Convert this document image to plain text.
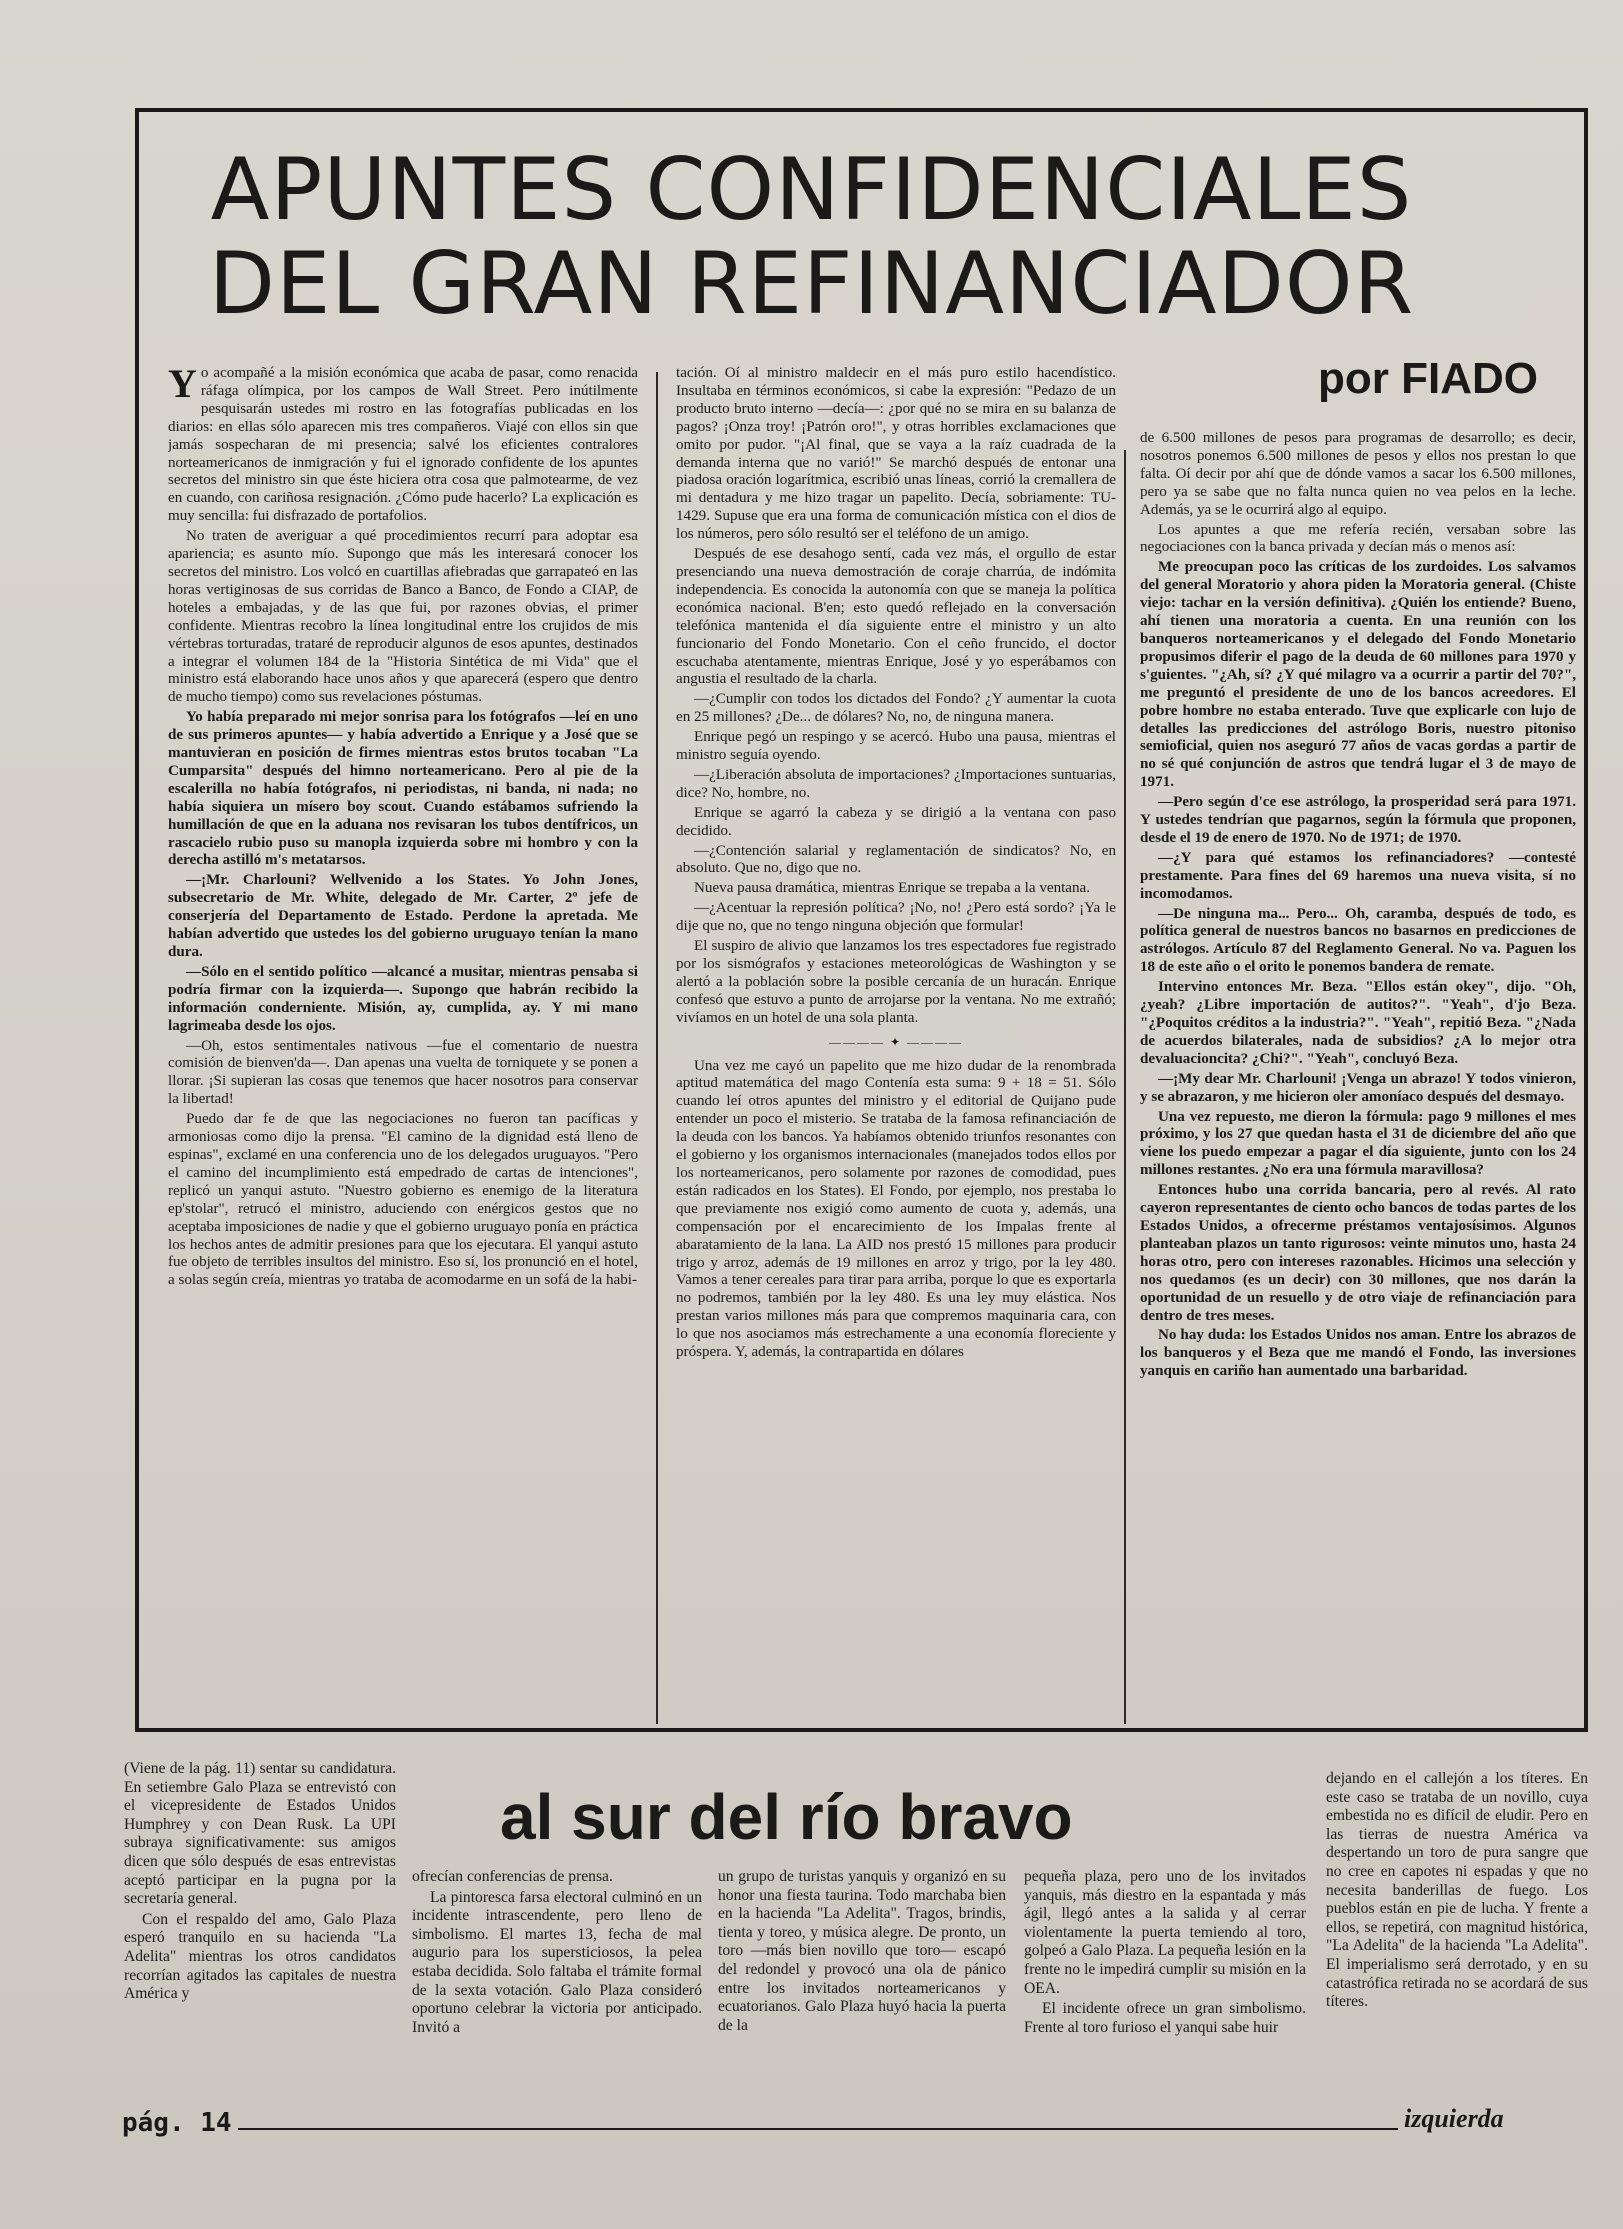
APUNTES CONFIDENCIALES
DEL GRAN REFINANCIADOR
por FIADO

Yo acompañé a la misión económica que acaba de pasar, como renacida ráfaga olímpica, por los campos de Wall Street. Pero inútilmente pesquisarán ustedes mi rostro en las fotografías publicadas en los diarios: en ellas sólo aparecen mis tres compañeros. Viajé con ellos sin que jamás sospecharan de mi presencia; salvé los eficientes contralores norteamericanos de inmigración y fui el ignorado confidente de los apuntes secretos del ministro sin que éste hiciera otra cosa que palmotearme, de vez en cuando, con cariñosa resignación. ¿Cómo pude hacerlo? La explicación es muy sencilla: fui disfrazado de portafolios.

No traten de averiguar a qué procedimientos recurrí para adoptar esa apariencia; es asunto mío. Supongo que más les interesará conocer los secretos del ministro. Los volcó en cuartillas afiebradas que garrapateó en las horas vertiginosas de sus corridas de Banco a Banco, de Fondo a CIAP, de hoteles a embajadas, y de las que fui, por razones obvias, el primer confidente. Mientras recobro la línea longitudinal entre los crujidos de mis vértebras torturadas, trataré de reproducir algunos de esos apuntes, destinados a integrar el volumen 184 de la "Historia Sintética de mi Vida" que el ministro está elaborando hace unos años y que aparecerá (espero que dentro de mucho tiempo) como sus revelaciones póstumas.

Yo había preparado mi mejor sonrisa para los fotógrafos —leí en uno de sus primeros apuntes— y había advertido a Enrique y a José que se mantuvieran en posición de firmes mientras estos brutos tocaban "La Cumparsita" después del himno norteamericano. Pero al pie de la escalerilla no había fotógrafos, ni periodistas, ni banda, ni nada; no había siquiera un mísero boy scout. Cuando estábamos sufriendo la humillación de que en la aduana nos revisaran los tubos dentífricos, un rascacielo rubio puso su manopla izquierda sobre mi hombro y con la derecha astilló m's metatarsos.

—¡Mr. Charlouni? Wellvenido a los States. Yo John Jones, subsecretario de Mr. White, delegado de Mr. Carter, 2º jefe de conserjería del Departamento de Estado. Perdone la apretada. Me habían advertido que ustedes los del gobierno uruguayo tenían la mano dura.

—Sólo en el sentido político —alcancé a musitar, mientras pensaba si podría firmar con la izquierda—. Supongo que habrán recibido la información conderniente. Misión, ay, cumplida, ay. Y mi mano lagrimeaba desde los ojos.

—Oh, estos sentimentales nativous —fue el comentario de nuestra comisión de bienven'da—. Dan apenas una vuelta de torniquete y se ponen a llorar. ¡Si supieran las cosas que tenemos que hacer nosotros para conservar la libertad!

Puedo dar fe de que las negociaciones no fueron tan pacíficas y armoniosas como dijo la prensa. "El camino de la dignidad está lleno de espinas", exclamé en una conferencia uno de los delegados uruguayos. "Pero el camino del incumplimiento está empedrado de cartas de intenciones", replicó un yanqui astuto. "Nuestro gobierno es enemigo de la literatura ep'stolar", retrucó el ministro, aduciendo con enérgicos gestos que no aceptaba imposiciones de nadie y que el gobierno uruguayo ponía en práctica los hechos antes de admitir presiones para que los ejecutara. El yanqui astuto fue objeto de terribles insultos del ministro. Eso sí, los pronunció en el hotel, a solas según creía, mientras yo trataba de acomodarme en un sofá de la habi-

tación. Oí al ministro maldecir en el más puro estilo hacendístico. Insultaba en términos económicos, si cabe la expresión: "Pedazo de un producto bruto interno —decía—: ¿por qué no se mira en su balanza de pagos? ¡Onza troy! ¡Patrón oro!", y otras horribles exclamaciones que omito por pudor. "¡Al final, que se vaya a la raíz cuadrada de la demanda interna que no varió!" Se marchó después de entonar una piadosa oración logarítmica, escribió unas líneas, corrió la cremallera de mi dentadura y me hizo tragar un papelito. Decía, sobriamente: TU-1429. Supuse que era una forma de comunicación mística con el dios de los números, pero sólo resultó ser el teléfono de un amigo.

Después de ese desahogo sentí, cada vez más, el orgullo de estar presenciando una nueva demostración de coraje charrúa, de indómita independencia. Es conocida la autonomía con que se maneja la política económica nacional. B'en; esto quedó reflejado en la conversación telefónica mantenida el día siguiente entre el ministro y un alto funcionario del Fondo Monetario. Con el ceño fruncido, el doctor escuchaba atentamente, mientras Enrique, José y yo esperábamos con angustia el resultado de la charla.

—¿Cumplir con todos los dictados del Fondo? ¿Y aumentar la cuota en 25 millones? ¿De... de dólares? No, no, de ninguna manera.

Enrique pegó un respingo y se acercó. Hubo una pausa, mientras el ministro seguía oyendo.

—¿Liberación absoluta de importaciones? ¿Importaciones suntuarias, dice? No, hombre, no.

Enrique se agarró la cabeza y se dirigió a la ventana con paso decidido.

—¿Contención salarial y reglamentación de sindicatos? No, en absoluto. Que no, digo que no.

Nueva pausa dramática, mientras Enrique se trepaba a la ventana.

—¿Acentuar la represión política? ¡No, no! ¿Pero está sordo? ¡Ya le dije que no, que no tengo ninguna objeción que formular!

El suspiro de alivio que lanzamos los tres espectadores fue registrado por los sismógrafos y estaciones meteorológicas de Washington y se alertó a la población sobre la posible cercanía de un huracán. Enrique confesó que estuvo a punto de arrojarse por la ventana. No me extrañó; vivíamos en un hotel de una sola planta.

———— ✦ ————

Una vez me cayó un papelito que me hizo dudar de la renombrada aptitud matemática del mago Contenía esta suma: 9 + 18 = 51. Sólo cuando leí otros apuntes del ministro y el editorial de Quijano pude entender un poco el misterio. Se trataba de la famosa refinanciación de la deuda con los bancos. Ya habíamos obtenido triunfos resonantes con el gobierno y los organismos internacionales (manejados todos ellos por los norteamericanos, pero solamente por razones de comodidad, pues están radicados en los States). El Fondo, por ejemplo, nos prestaba lo que previamente nos exigió como aumento de cuota y, además, una compensación por el encarecimiento de los Impalas frente al abaratamiento de la lana. La AID nos prestó 15 millones para producir trigo y arroz, además de 19 millones en arroz y trigo, por la ley 480. Vamos a tener cereales para tirar para arriba, porque lo que es exportarla no podremos, también por la ley 480. Es una ley muy elástica. Nos prestan varios millones más para que compremos maquinaria cara, con lo que nos asociamos más estrechamente a una economía floreciente y próspera. Y, además, la contrapartida en dólares

de 6.500 millones de pesos para programas de desarrollo; es decir, nosotros ponemos 6.500 millones de pesos y ellos nos prestan lo que falta. Oí decir por ahí que de dónde vamos a sacar los 6.500 millones, pero ya se sabe que no falta nunca quien no vea pelos en la leche. Además, ya se le ocurrirá algo al equipo.

Los apuntes a que me refería recién, versaban sobre las negociaciones con la banca privada y decían más o menos así:

Me preocupan poco las críticas de los zurdoides. Los salvamos del general Moratorio y ahora piden la Moratoria general. (Chiste viejo: tachar en la versión definitiva). ¿Quién los entiende? Bueno, ahí tienen una moratoria a cuenta. En una reunión con los banqueros norteamericanos y el delegado del Fondo Monetario propusimos diferir el pago de la deuda de 60 millones para 1970 y s'guientes. "¿Ah, sí? ¿Y qué milagro va a ocurrir a partir del 70?", me preguntó el presidente de uno de los bancos acreedores. El pobre hombre no estaba enterado. Tuve que explicarle con lujo de detalles las predicciones del astrólogo Boris, nuestro pitoniso semioficial, quien nos aseguró 77 años de vacas gordas a partir de no sé qué conjunción de astros que tendrá lugar el 3 de mayo de 1971.

—Pero según d'ce ese astrólogo, la prosperidad será para 1971. Y ustedes tendrían que pagarnos, según la fórmula que proponen, desde el 19 de enero de 1970. No de 1971; de 1970.

—¿Y para qué estamos los refinanciadores? —contesté prestamente. Para fines del 69 haremos una nueva visita, sí no incomodamos.

—De ninguna ma... Pero... Oh, caramba, después de todo, es política general de nuestros bancos no basarnos en predicciones de astrólogos. Artículo 87 del Reglamento General. No va. Paguen los 18 de este año o el orito le ponemos bandera de remate.

Intervino entonces Mr. Beza. "Ellos están okey", dijo. "Oh, ¿yeah? ¿Libre importación de autitos?". "Yeah", d'jo Beza. "¿Poquitos créditos a la industria?". "Yeah", repitió Beza. "¿Nada de acuerdos bilaterales, nada de subsidios? ¿A lo mejor otra devaluacioncita? ¿Chi?". "Yeah", concluyó Beza.

—¡My dear Mr. Charlouni! ¡Venga un abrazo! Y todos vinieron, y se abrazaron, y me hicieron oler amoníaco después del desmayo.

Una vez repuesto, me dieron la fórmula: pago 9 millones el mes próximo, y los 27 que quedan hasta el 31 de diciembre del año que viene los puedo empezar a pagar el día siguiente, junto con los 24 millones restantes. ¿No era una fórmula maravillosa?

Entonces hubo una corrida bancaria, pero al revés. Al rato cayeron representantes de ciento ocho bancos de todas partes de los Estados Unidos, a ofrecerme préstamos ventajosísimos. Algunos planteaban plazos un tanto rigurosos: veinte minutos uno, hasta 24 horas otro, pero con intereses razonables. Hicimos una selección y nos quedamos (es un decir) con 30 millones, que nos darán la oportunidad de un resuello y de otro viaje de refinanciación para dentro de tres meses.

No hay duda: los Estados Unidos nos aman. Entre los abrazos de los banqueros y el Beza que me mandó el Fondo, las inversiones yanquis en cariño han aumentado una barbaridad.

al sur del río bravo

(Viene de la pág. 11) sentar su candidatura. En setiembre Galo Plaza se entrevistó con el vicepresidente de Estados Unidos Humphrey y con Dean Rusk. La UPI subraya significativamente: sus amigos dicen que sólo después de esas entrevistas aceptó participar en la pugna por la secretaría general.

Con el respaldo del amo, Galo Plaza esperó tranquilo en su hacienda "La Adelita" mientras los otros candidatos recorrían agitados las capitales de nuestra América y

ofrecían conferencias de prensa.

La pintoresca farsa electoral culminó en un incidente intrascendente, pero lleno de simbolismo. El martes 13, fecha de mal augurio para los supersticiosos, la pelea estaba decidida. Solo faltaba el trámite formal de la sexta votación. Galo Plaza consideró oportuno celebrar la victoria por anticipado. Invitó a

un grupo de turistas yanquis y organizó en su honor una fiesta taurina. Todo marchaba bien en la hacienda "La Adelita". Tragos, brindis, tienta y toreo, y música alegre. De pronto, un toro —más bien novillo que toro— escapó del redondel y provocó una ola de pánico entre los invitados norteamericanos y ecuatorianos. Galo Plaza huyó hacia la puerta de la

pequeña plaza, pero uno de los invitados yanquis, más diestro en la espantada y más ágil, llegó antes a la salida y al cerrar violentamente la puerta temiendo al toro, golpeó a Galo Plaza. La pequeña lesión en la frente no le impedirá cumplir su misión en la OEA.

El incidente ofrece un gran simbolismo. Frente al toro furioso el yanqui sabe huir

dejando en el callejón a los títeres. En este caso se trataba de un novillo, cuya embestida no es difícil de eludir. Pero en las tierras de nuestra América va despertando un toro de pura sangre que no cree en capotes ni espadas y que no necesita banderillas de fuego. Los pueblos están en pie de lucha. Y frente a ellos, se repetirá, con magnitud histórica, "La Adelita" de la hacienda "La Adelita". El imperialismo será derrotado, y en su catastrófica retirada no se acordará de sus títeres.

pág. 14	izquierda
